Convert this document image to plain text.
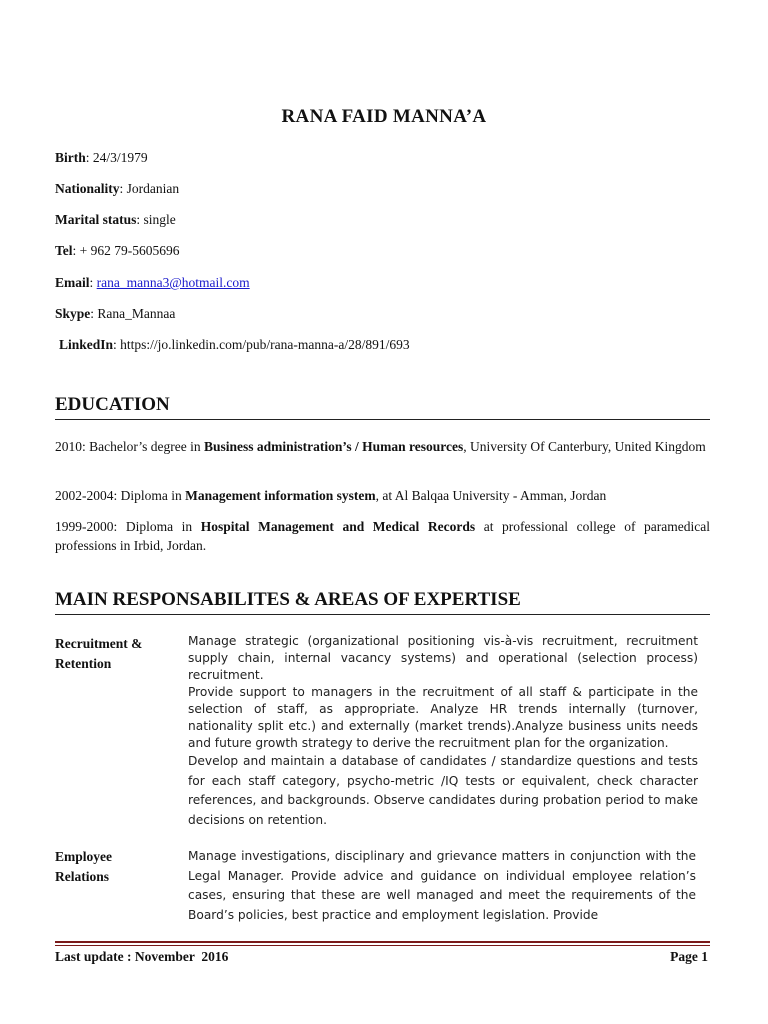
RANA FAID MANNA’A
Birth: 24/3/1979
Nationality: Jordanian
Marital status: single
Tel: + 962 79-5605696
Email: rana_manna3@hotmail.com
Skype: Rana_Mannaa
LinkedIn: https://jo.linkedin.com/pub/rana-manna-a/28/891/693
EDUCATION
2010: Bachelor’s degree in Business administration’s / Human resources, University Of Canterbury, United Kingdom
2002-2004: Diploma in Management information system, at Al Balqaa University - Amman, Jordan
1999-2000: Diploma in Hospital Management and Medical Records at professional college of paramedical professions in Irbid, Jordan.
MAIN RESPONSABILITES & AREAS OF EXPERTISE
Recruitment &
Retention

Manage strategic (organizational positioning vis-à-vis recruitment, recruitment supply chain, internal vacancy systems) and operational (selection process) recruitment.

Provide support to managers in the recruitment of all staff & participate in the selection of staff, as appropriate. Analyze HR trends internally (turnover, nationality split etc.) and externally (market trends).Analyze business units needs and future growth strategy to derive the recruitment plan for the organization.

Develop and maintain a database of candidates / standardize questions and tests for each staff category, psycho-metric /IQ tests or equivalent, check character references, and backgrounds. Observe candidates during probation period to make decisions on retention.

Employee
Relations

Manage investigations, disciplinary and grievance matters in conjunction with the Legal Manager. Provide advice and guidance on individual employee relation’s cases, ensuring that these are well managed and meet the requirements of the Board’s policies, best practice and employment legislation. Provide

Last update : November  2016	Page 1
